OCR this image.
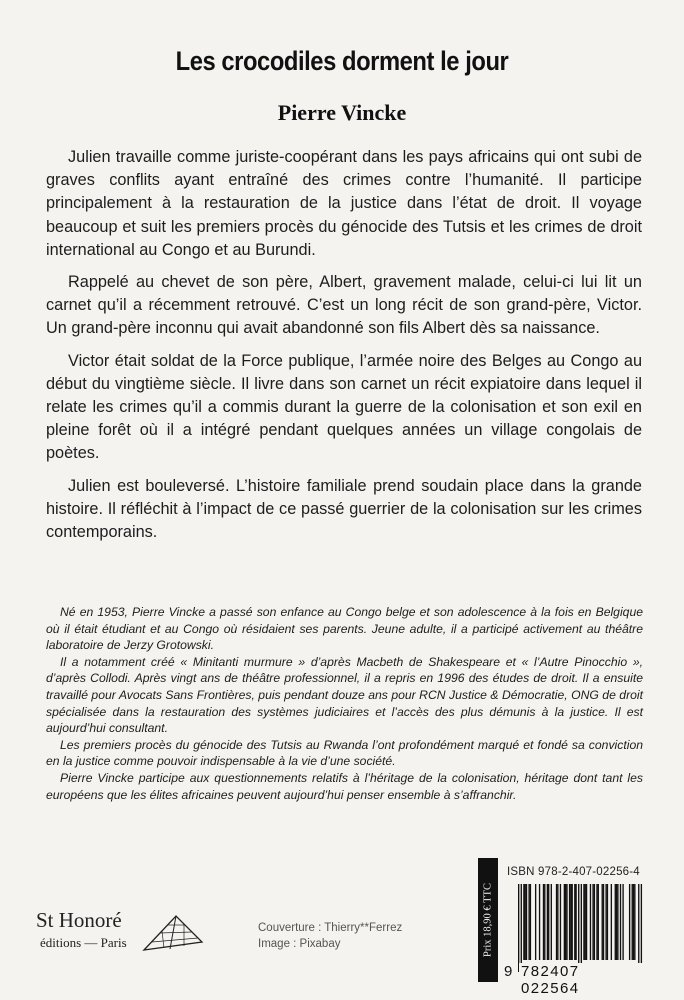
Les crocodiles dorment le jour
Pierre Vincke

Julien travaille comme juriste-coopérant dans les pays africains qui ont subi de graves conflits ayant entraîné des crimes contre l’humanité. Il participe principalement à la restauration de la justice dans l’état de droit. Il voyage beaucoup et suit les premiers procès du génocide des Tutsis et les crimes de droit international au Congo et au Burundi.

Rappelé au chevet de son père, Albert, gravement malade, celui-ci lui lit un carnet qu’il a récemment retrouvé. C’est un long récit de son grand-père, Victor. Un grand-père inconnu qui avait abandonné son fils Albert dès sa naissance.

Victor était soldat de la Force publique, l’armée noire des Belges au Congo au début du vingtième siècle. Il livre dans son carnet un récit expiatoire dans lequel il relate les crimes qu’il a commis durant la guerre de la colonisation et son exil en pleine forêt où il a intégré pendant quelques années un village congolais de poètes.

Julien est bouleversé. L’histoire familiale prend soudain place dans la grande histoire. Il réfléchit à l’impact de ce passé guerrier de la colonisation sur les crimes contemporains.

Né en 1953, Pierre Vincke a passé son enfance au Congo belge et son adolescence à la fois en Belgique où il était étudiant et au Congo où résidaient ses parents. Jeune adulte, il a participé activement au théâtre laboratoire de Jerzy Grotowski.

Il a notamment créé « Minitanti murmure » d’après Macbeth de Shakespeare et « l’Autre Pinocchio », d’après Collodi. Après vingt ans de théâtre professionnel, il a repris en 1996 des études de droit. Il a ensuite travaillé pour Avocats Sans Frontières, puis pendant douze ans pour RCN Justice & Démocratie, ONG de droit spécialisée dans la restauration des systèmes judiciaires et l’accès des plus démunis à la justice. Il est aujourd’hui consultant.

Les premiers procès du génocide des Tutsis au Rwanda l’ont profondément marqué et fondé sa conviction en la justice comme pouvoir indispensable à la vie d’une société.

Pierre Vincke participe aux questionnements relatifs à l’héritage de la colonisation, héritage dont tant les européens que les élites africaines peuvent aujourd’hui penser ensemble à s’affranchir.

St Honoré
éditions — Paris
Couverture : Thierry**Ferrez
Image : Pixabay	Prix 18,90 € TTC
ISBN 978-2-407-02256-4
9 782407 022564
